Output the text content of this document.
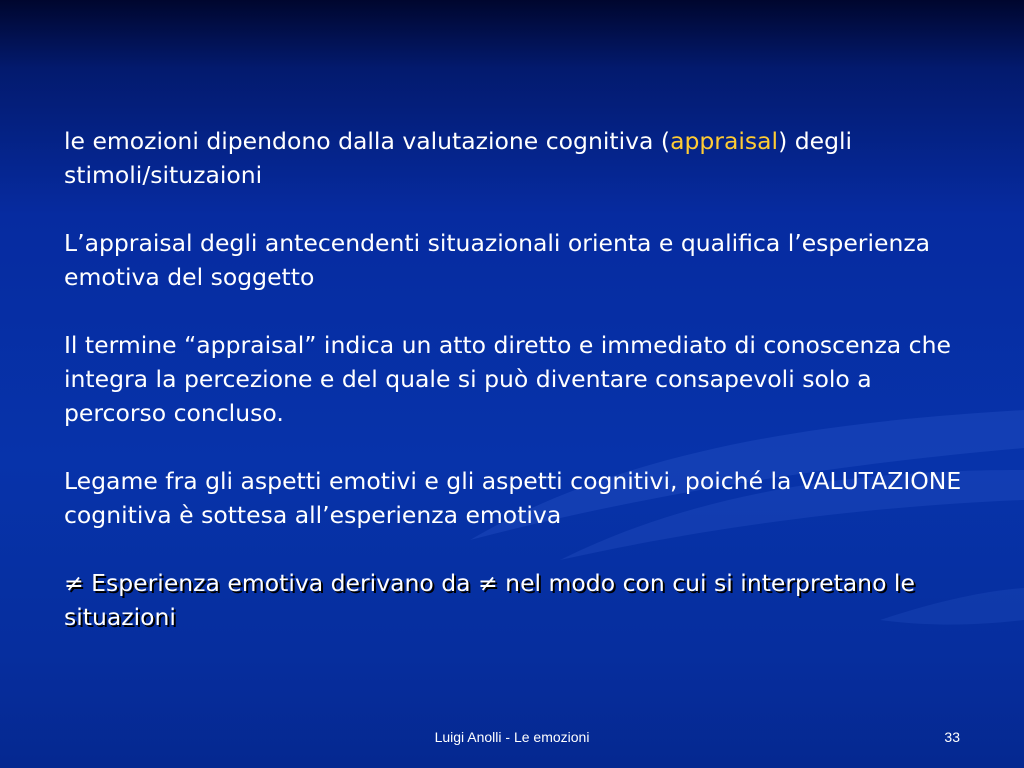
le emozioni dipendono dalla valutazione cognitiva (appraisal) degli stimoli/situzaioni

L’appraisal degli antecendenti situazionali orienta e qualifica l’esperienza emotiva del soggetto

Il termine “appraisal” indica un atto diretto e immediato di conoscenza che integra la percezione e del quale si può diventare consapevoli solo a percorso concluso.

Legame fra gli aspetti emotivi e gli aspetti cognitivi, poiché la VALUTAZIONE cognitiva è sottesa all’esperienza emotiva

≠ Esperienza emotiva derivano da ≠ nel modo con cui si interpretano le situazioni

Luigi Anolli - Le emozioni	33
